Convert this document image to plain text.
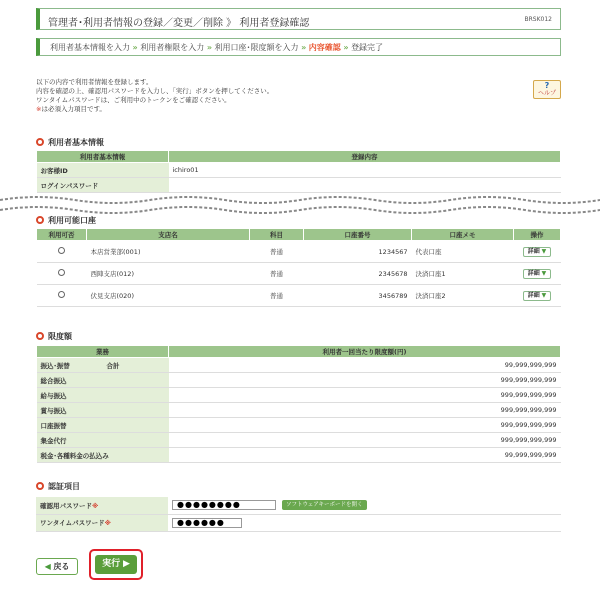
管理者･利用者情報の登録／変更／削除 》 利用者登録確認	BRSK012
利用者基本情報を入力 » 利用者権限を入力 » 利用口座･限度額を入力 » 内容確認 » 登録完了
以下の内容で利用者情報を登録します。
内容を確認の上、確認用パスワードを入力し、「実行」ボタンを押してください。
ワンタイムパスワードは、ご利用中のトークンをご確認ください。
※は必須入力項目です。
?
ヘルプ
利用者基本情報
利用者基本情報	登録内容
お客様ID	ichiro01
ログインパスワード	
利用可能口座
利用可否	支店名	科目	口座番号	口座メモ	操作
	本店営業部(001)	普通	1234567	代表口座	詳細 ▼
	西陣支店(012)	普通	2345678	決済口座1	詳細 ▼
	伏見支店(020)	普通	3456789	決済口座2	詳細 ▼
限度額
業務		利用者一回当たり限度額(円)
振込･振替	合計	99,999,999,999
総合振込		999,999,999,999
給与振込		999,999,999,999
賞与振込		999,999,999,999
口座振替		999,999,999,999
集金代行		999,999,999,999
税金･各種料金の払込み		99,999,999,999
認証項目
確認用パスワード※	●●●●●●●● ソフトウェアキーボードを開く
ワンタイムパスワード※	●●●●●●
◀ 戻る	実行 ▶
